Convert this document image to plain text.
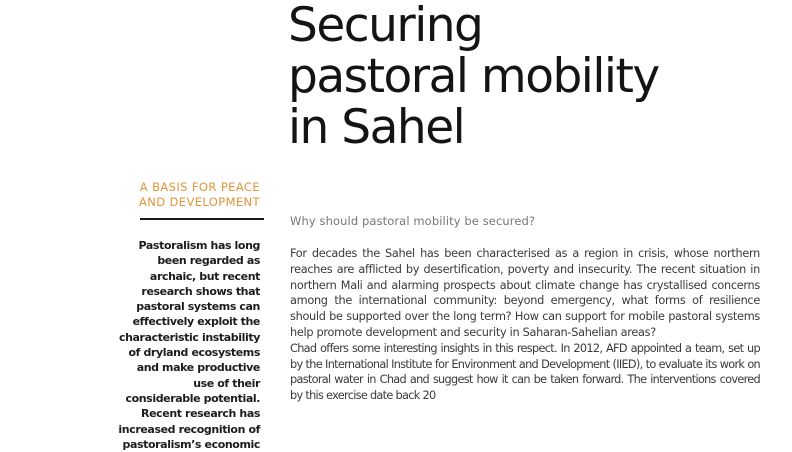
Securing
pastoral mobility
in Sahel
A BASIS FOR PEACE
AND DEVELOPMENT
Pastoralism has long been regarded as archaic, but recent research shows that pastoral systems can effectively exploit the characteristic instability of dryland ecosystems and make productive use of their considerable potential. Recent research has increased recognition of pastoralism’s economic
Why should pastoral mobility be secured?

For decades the Sahel has been characterised as a region in crisis, whose northern reaches are afflicted by desertification, poverty and insecurity. The recent situation in northern Mali and alarming prospects about climate change has crystallised concerns among the international community: beyond emergency, what forms of resilience should be supported over the long term? How can support for mobile pastoral systems help promote development and security in Saharan-Sahelian areas?

Chad offers some interesting insights in this respect. In 2012, AFD appointed a team, set up by the International Institute for Environment and Development (IIED), to evaluate its work on pastoral water in Chad and suggest how it can be taken forward. The interventions covered by this exercise date back 20
